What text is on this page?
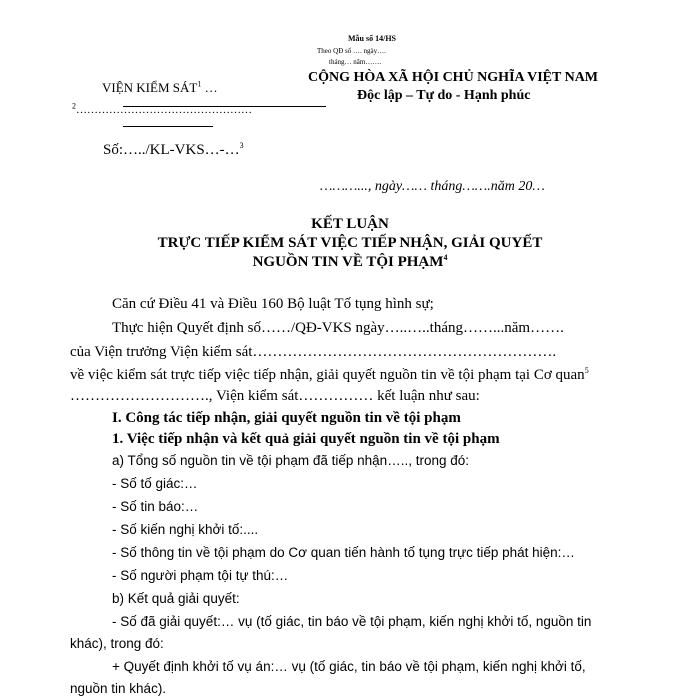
Mẫu số 14/HS
Theo QĐ số …. ngày….
tháng… năm…….
VIỆN KIỂM SÁT$^1$ …
$^2$…………………………………………
CỘNG HÒA XÃ HỘI CHỦ NGHĨA VIỆT NAM
Độc lập – Tự do - Hạnh phúc
Số:…../KL-VKS…-…$^3$
………..., ngày…… tháng…….năm 20…
KẾT LUẬN
TRỰC TIẾP KIỂM SÁT VIỆC TIẾP NHẬN, GIẢI QUYẾT
NGUỒN TIN VỀ TỘI PHẠM$^4$
Căn cứ Điều 41 và Điều 160 Bộ luật Tố tụng hình sự;
Thực hiện Quyết định số……/QĐ-VKS ngày…..…..tháng……...năm…….
của Viện trưởng Viện kiểm sát…………………………………………………….
về việc kiểm sát trực tiếp việc tiếp nhận, giải quyết nguồn tin về tội phạm tại Cơ quan$^5$
………………………., Viện kiểm sát…………… kết luận như sau:
I. Công tác tiếp nhận, giải quyết nguồn tin về tội phạm
1. Việc tiếp nhận và kết quả giải quyết nguồn tin về tội phạm
a) Tổng số nguồn tin về tội phạm đã tiếp nhận….., trong đó:
- Số tố giác:…
- Số tin báo:…
- Số kiến nghị khởi tố:....
- Số thông tin về tội phạm do Cơ quan tiến hành tố tụng trực tiếp phát hiện:…
- Số người phạm tội tự thú:…
b) Kết quả giải quyết:
- Số đã giải quyết:… vụ (tố giác, tin báo về tội phạm, kiến nghị khởi tố, nguồn tin
khác), trong đó:
+ Quyết định khởi tố vụ án:… vụ (tố giác, tin báo về tội phạm, kiến nghị khởi tố,
nguồn tin khác).
